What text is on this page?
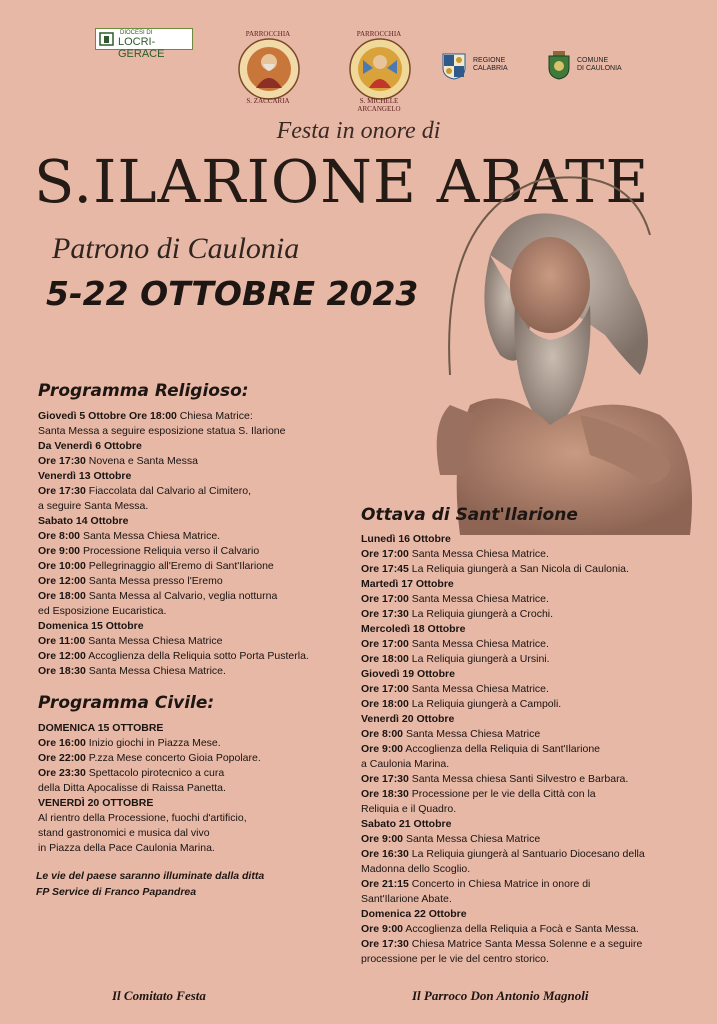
DIOCESI DI
LOCRI-GERACE
PARROCCHIA
S. ZACCARIA
PARROCCHIA
S. MICHELE ARCANGELO
REGIONE
CALABRIA
COMUNE
DI CAULONIA
Festa in onore di
S.ILARIONE ABATE
Patrono di Caulonia
5-22 OTTOBRE 2023
Programma Religioso:
Giovedì 5 Ottobre Ore 18:00 Chiesa Matrice:
Santa Messa a seguire esposizione statua S. Ilarione
Da Venerdì 6 Ottobre
Ore 17:30 Novena e Santa Messa
Venerdì 13 Ottobre
Ore 17:30 Fiaccolata dal Calvario al Cimitero,
a seguire Santa Messa.
Sabato 14 Ottobre
Ore 8:00 Santa Messa Chiesa Matrice.
Ore 9:00 Processione Reliquia verso il Calvario
Ore 10:00 Pellegrinaggio all'Eremo di Sant'Ilarione
Ore 12:00 Santa Messa presso l'Eremo
Ore 18:00 Santa Messa al Calvario, veglia notturna
ed Esposizione Eucaristica.
Domenica 15 Ottobre
Ore 11:00 Santa Messa Chiesa Matrice
Ore 12:00 Accoglienza della Reliquia sotto Porta Pusterla.
Ore 18:30 Santa Messa Chiesa Matrice.
Programma Civile:
DOMENICA 15 OTTOBRE
Ore 16:00 Inizio giochi in Piazza Mese.
Ore 22:00 P.zza Mese concerto Gioia Popolare.
Ore 23:30 Spettacolo pirotecnico a cura
della Ditta Apocalisse di Raissa Panetta.
VENERDÌ 20 OTTOBRE
Al rientro della Processione, fuochi d'artificio,
stand gastronomici e musica dal vivo
in Piazza della Pace Caulonia Marina.
Le vie del paese saranno illuminate dalla ditta
FP Service di Franco Papandrea
Ottava di Sant'Ilarione
Lunedì 16 Ottobre
Ore 17:00 Santa Messa Chiesa Matrice.
Ore 17:45 La Reliquia giungerà a San Nicola di Caulonia.
Martedì 17 Ottobre
Ore 17:00 Santa Messa Chiesa Matrice.
Ore 17:30 La Reliquia giungerà a Crochi.
Mercoledì 18 Ottobre
Ore 17:00 Santa Messa Chiesa Matrice.
Ore 18:00 La Reliquia giungerà a Ursini.
Giovedì 19 Ottobre
Ore 17:00 Santa Messa Chiesa Matrice.
Ore 18:00 La Reliquia giungerà a Campoli.
Venerdì 20 Ottobre
Ore 8:00 Santa Messa Chiesa Matrice
Ore 9:00 Accoglienza della Reliquia di Sant'Ilarione
a Caulonia Marina.
Ore 17:30 Santa Messa chiesa Santi Silvestro e Barbara.
Ore 18:30 Processione per le vie della Città con la
Reliquia e il Quadro.
Sabato 21 Ottobre
Ore 9:00 Santa Messa Chiesa Matrice
Ore 16:30 La Reliquia giungerà al Santuario Diocesano della
Madonna dello Scoglio.
Ore 21:15 Concerto in Chiesa Matrice in onore di
Sant'Ilarione Abate.
Domenica 22 Ottobre
Ore 9:00 Accoglienza della Reliquia a Focà e Santa Messa.
Ore 17:30 Chiesa Matrice Santa Messa Solenne e a seguire
processione per le vie del centro storico.
Il Comitato Festa	Il Parroco Don Antonio Magnoli
